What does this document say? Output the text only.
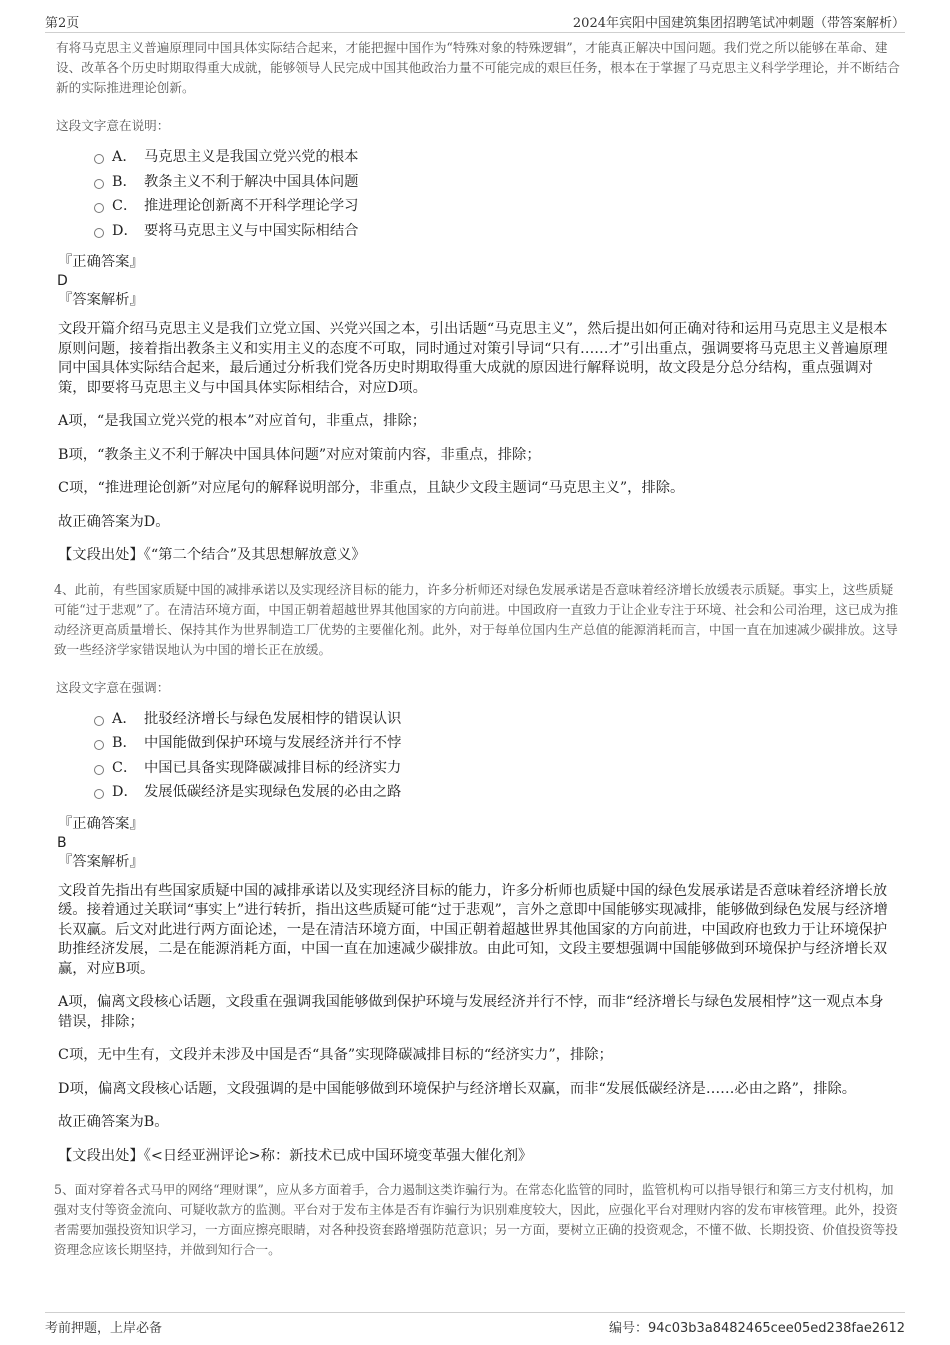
第2页	2024年宾阳中国建筑集团招聘笔试冲刺题（带答案解析）

有将马克思主义普遍原理同中国具体实际结合起来，才能把握中国作为“特殊对象的特殊逻辑”，才能真正解决中国问题。我们党之所以能够在革命、建设、改革各个历史时期取得重大成就，能够领导人民完成中国其他政治力量不可能完成的艰巨任务，根本在于掌握了马克思主义科学学理论，并不断结合新的实际推进理论创新。

这段文字意在说明：

A． 马克思主义是我国立党兴党的根本
B． 教条主义不利于解决中国具体问题
C． 推进理论创新离不开科学理论学习
D． 要将马克思主义与中国实际相结合

『正确答案』

D

『答案解析』

文段开篇介绍马克思主义是我们立党立国、兴党兴国之本，引出话题“马克思主义”，然后提出如何正确对待和运用马克思主义是根本原则问题，接着指出教条主义和实用主义的态度不可取，同时通过对策引导词“只有……才”引出重点，强调要将马克思主义普遍原理同中国具体实际结合起来，最后通过分析我们党各历史时期取得重大成就的原因进行解释说明，故文段是分总分结构，重点强调对策，即要将马克思主义与中国具体实际相结合，对应D项。

A项，“是我国立党兴党的根本”对应首句，非重点，排除；

B项，“教条主义不利于解决中国具体问题”对应对策前内容，非重点，排除；

C项，“推进理论创新”对应尾句的解释说明部分，非重点，且缺少文段主题词“马克思主义”，排除。

故正确答案为D。

【文段出处】《“第二个结合”及其思想解放意义》

4、此前，有些国家质疑中国的减排承诺以及实现经济目标的能力，许多分析师还对绿色发展承诺是否意味着经济增长放缓表示质疑。事实上，这些质疑可能“过于悲观”了。在清洁环境方面，中国正朝着超越世界其他国家的方向前进。中国政府一直致力于让企业专注于环境、社会和公司治理，这已成为推动经济更高质量增长、保持其作为世界制造工厂优势的主要催化剂。此外，对于每单位国内生产总值的能源消耗而言，中国一直在加速减少碳排放。这导致一些经济学家错误地认为中国的增长正在放缓。

这段文字意在强调：

A． 批驳经济增长与绿色发展相悖的错误认识
B． 中国能做到保护环境与发展经济并行不悖
C． 中国已具备实现降碳减排目标的经济实力
D． 发展低碳经济是实现绿色发展的必由之路

『正确答案』

B

『答案解析』

文段首先指出有些国家质疑中国的减排承诺以及实现经济目标的能力，许多分析师也质疑中国的绿色发展承诺是否意味着经济增长放缓。接着通过关联词“事实上”进行转折，指出这些质疑可能“过于悲观”，言外之意即中国能够实现减排，能够做到绿色发展与经济增长双赢。后文对此进行两方面论述，一是在清洁环境方面，中国正朝着超越世界其他国家的方向前进，中国政府也致力于让环境保护助推经济发展，二是在能源消耗方面，中国一直在加速减少碳排放。由此可知，文段主要想强调中国能够做到环境保护与经济增长双赢，对应B项。

A项，偏离文段核心话题，文段重在强调我国能够做到保护环境与发展经济并行不悖，而非“经济增长与绿色发展相悖”这一观点本身错误，排除；

C项，无中生有，文段并未涉及中国是否“具备”实现降碳减排目标的“经济实力”，排除；

D项，偏离文段核心话题，文段强调的是中国能够做到环境保护与经济增长双赢，而非“发展低碳经济是……必由之路”，排除。

故正确答案为B。

【文段出处】《<日经亚洲评论>称：新技术已成中国环境变革强大催化剂》

5、面对穿着各式马甲的网络“理财课”，应从多方面着手，合力遏制这类诈骗行为。在常态化监管的同时，监管机构可以指导银行和第三方支付机构，加强对支付等资金流向、可疑收款方的监测。平台对于发布主体是否有诈骗行为识别难度较大，因此，应强化平台对理财内容的发布审核管理。此外，投资者需要加强投资知识学习，一方面应擦亮眼睛，对各种投资套路增强防范意识；另一方面，要树立正确的投资观念，不懂不做、长期投资、价值投资等投资理念应该长期坚持，并做到知行合一。

考前押题，上岸必备	编号：94c03b3a8482465cee05ed238fae2612
